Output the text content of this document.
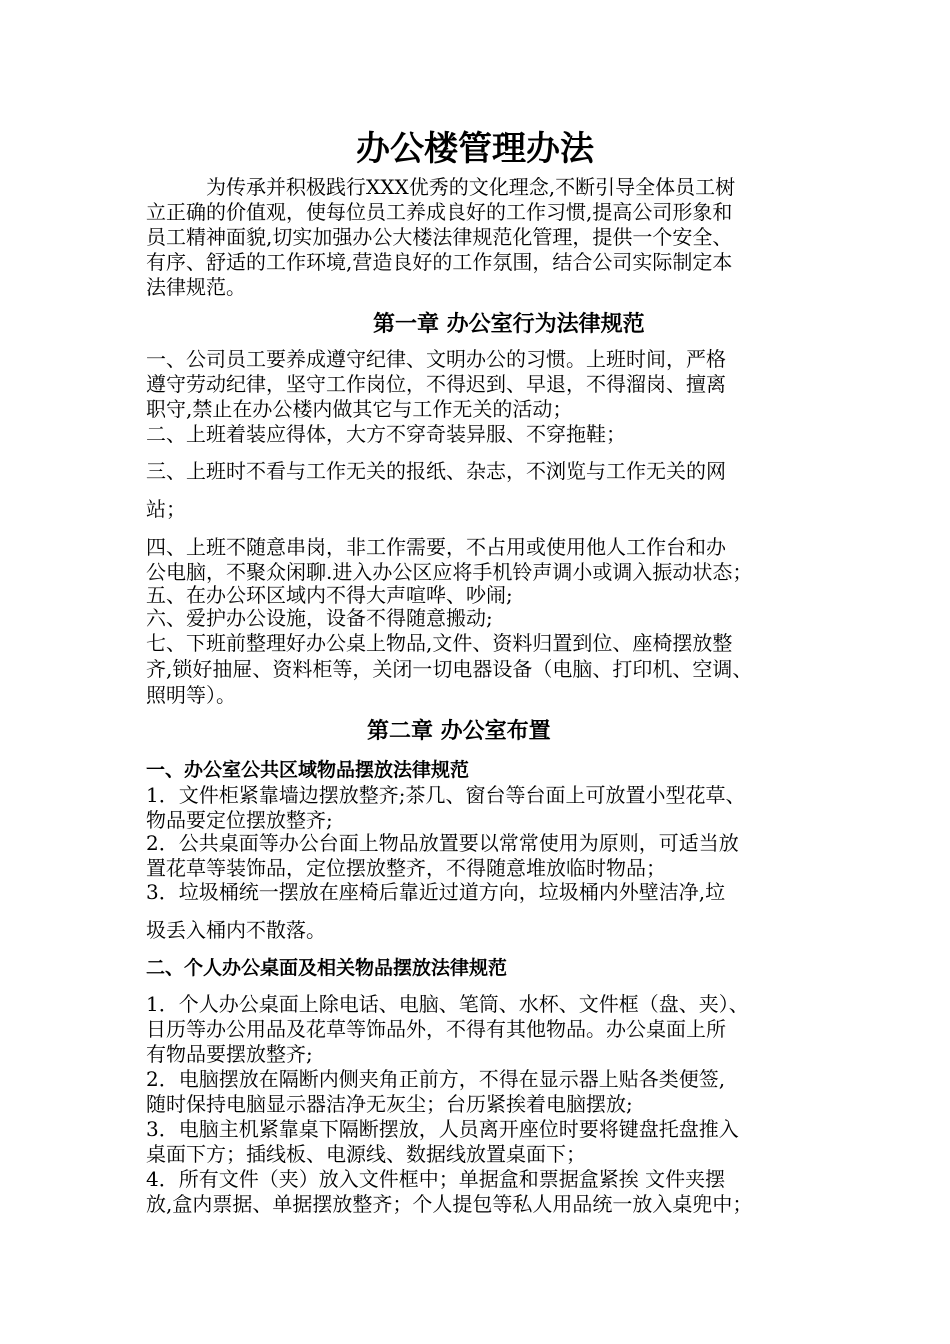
办公楼管理办法
　　　为传承并积极践行XXX优秀的文化理念,不断引导全体员工树
立正确的价值观，使每位员工养成良好的工作习惯,提高公司形象和
员工精神面貌,切实加强办公大楼法律规范化管理，提供一个安全、
有序、舒适的工作环境,营造良好的工作氛围，结合公司实际制定本
法律规范。
第一章 办公室行为法律规范
一、公司员工要养成遵守纪律、文明办公的习惯。上班时间，严格
遵守劳动纪律，坚守工作岗位，不得迟到、早退，不得溜岗、擅离
职守,禁止在办公楼内做其它与工作无关的活动；
二、上班着装应得体，大方不穿奇装异服、不穿拖鞋；
三、上班时不看与工作无关的报纸、杂志，不浏览与工作无关的网
站；
四、上班不随意串岗，非工作需要，不占用或使用他人工作台和办
公电脑，不聚众闲聊.进入办公区应将手机铃声调小或调入振动状态；
五、在办公环区域内不得大声喧哗、吵闹;
六、爱护办公设施，设备不得随意搬动;
七、下班前整理好办公桌上物品,文件、资料归置到位、座椅摆放整
齐,锁好抽屉、资料柜等，关闭一切电器设备（电脑、打印机、空调、
照明等）。
第二章 办公室布置
一、办公室公共区域物品摆放法律规范
1．文件柜紧靠墙边摆放整齐;茶几、窗台等台面上可放置小型花草、
物品要定位摆放整齐;
2．公共桌面等办公台面上物品放置要以常常使用为原则，可适当放
置花草等装饰品，定位摆放整齐，不得随意堆放临时物品；
3．垃圾桶统一摆放在座椅后靠近过道方向，垃圾桶内外壁洁净,垃
圾丢入桶内不散落。
二、个人办公桌面及相关物品摆放法律规范
1．个人办公桌面上除电话、电脑、笔筒、水杯、文件框（盘、夹）、
日历等办公用品及花草等饰品外，不得有其他物品。办公桌面上所
有物品要摆放整齐;
2．电脑摆放在隔断内侧夹角正前方，不得在显示器上贴各类便签,
随时保持电脑显示器洁净无灰尘；台历紧挨着电脑摆放;
3．电脑主机紧靠桌下隔断摆放，人员离开座位时要将键盘托盘推入
桌面下方；插线板、电源线、数据线放置桌面下；
4．所有文件（夹）放入文件框中；单据盒和票据盒紧挨 文件夹摆
放,盒内票据、单据摆放整齐；个人提包等私人用品统一放入桌兜中；
